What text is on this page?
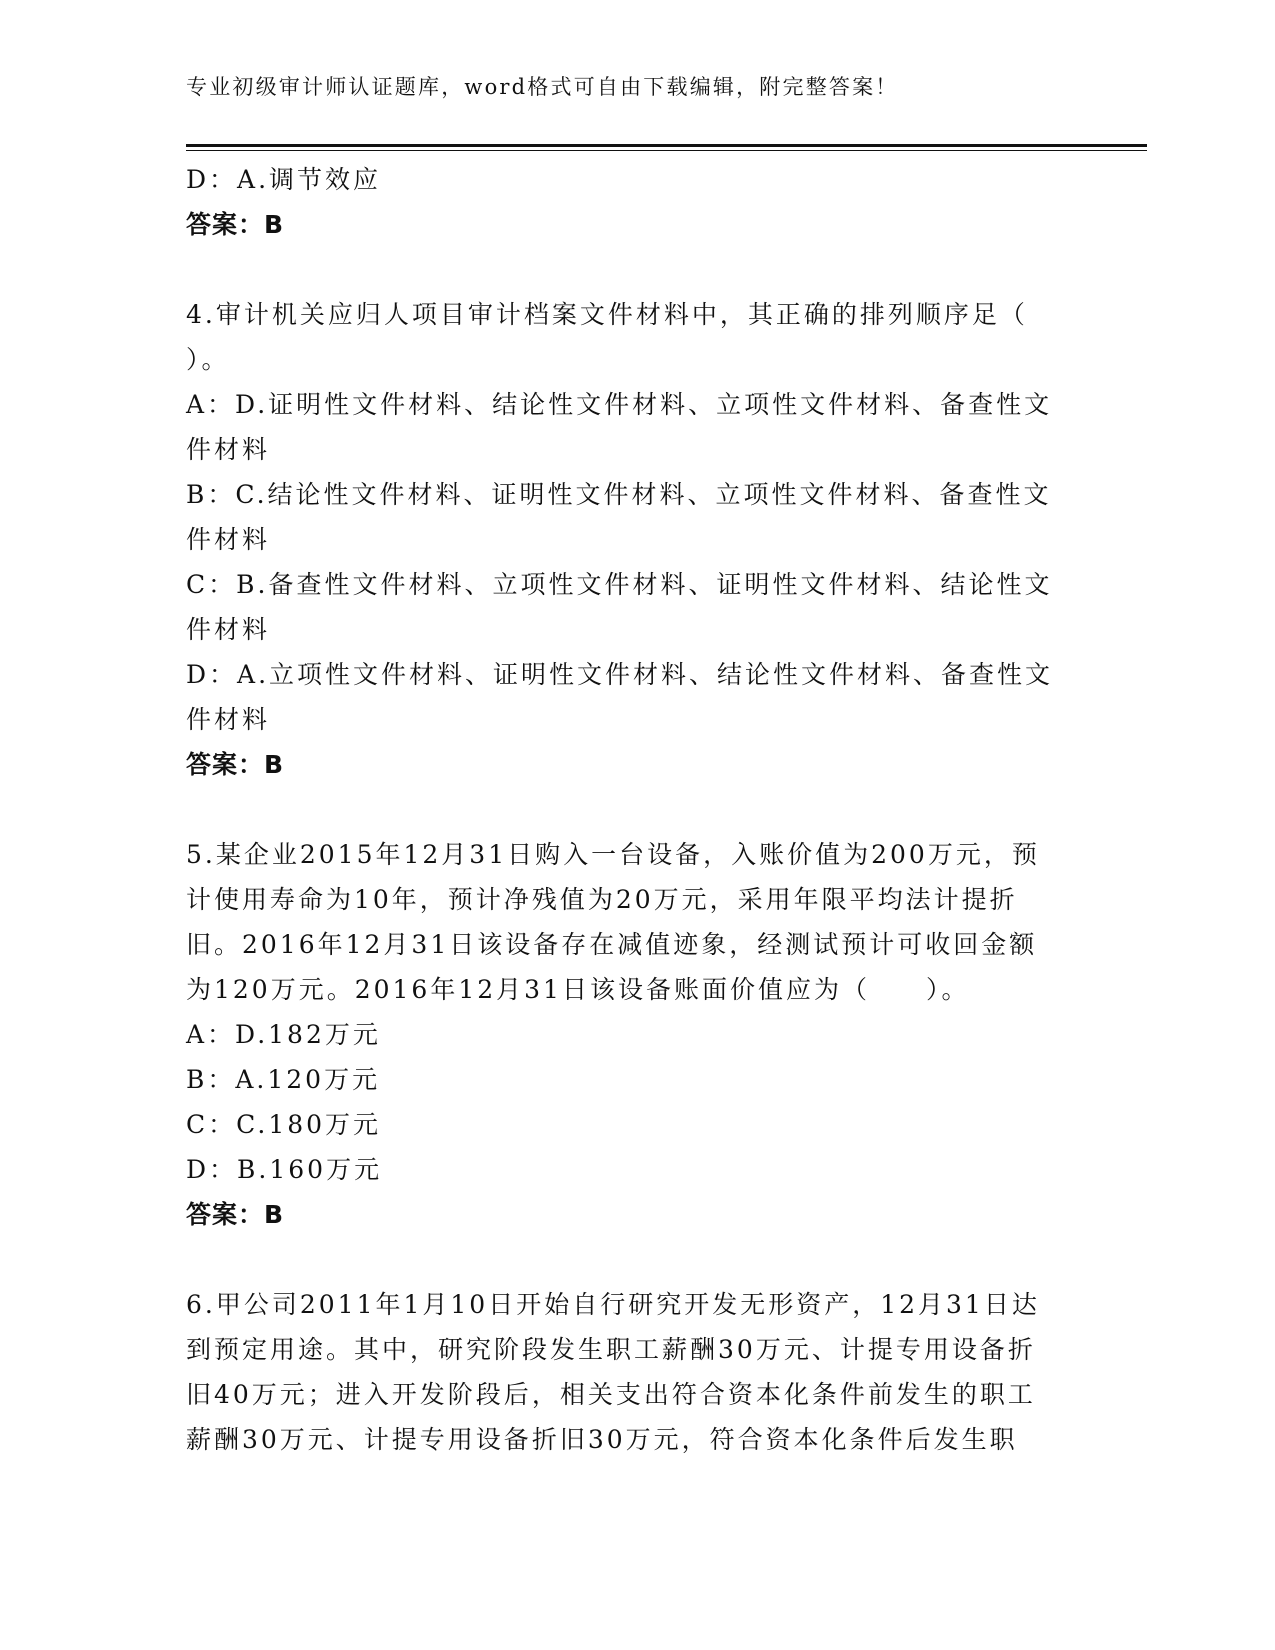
专业初级审计师认证题库，word格式可自由下载编辑，附完整答案！
D：A.调节效应
答案：B
4.审计机关应归人项目审计档案文件材料中，其正确的排列顺序足（
）。
A：D.证明性文件材料、结论性文件材料、立项性文件材料、备查性文
件材料
B：C.结论性文件材料、证明性文件材料、立项性文件材料、备查性文
件材料
C：B.备查性文件材料、立项性文件材料、证明性文件材料、结论性文
件材料
D：A.立项性文件材料、证明性文件材料、结论性文件材料、备查性文
件材料
答案：B
5.某企业2015年12月31日购入一台设备，入账价值为200万元，预
计使用寿命为10年，预计净残值为20万元，采用年限平均法计提折
旧。2016年12月31日该设备存在减值迹象，经测试预计可收回金额
为120万元。2016年12月31日该设备账面价值应为（　　）。
A：D.182万元
B：A.120万元
C：C.180万元
D：B.160万元
答案：B
6.甲公司2011年1月10日开始自行研究开发无形资产，12月31日达
到预定用途。其中，研究阶段发生职工薪酬30万元、计提专用设备折
旧40万元；进入开发阶段后，相关支出符合资本化条件前发生的职工
薪酬30万元、计提专用设备折旧30万元，符合资本化条件后发生职
